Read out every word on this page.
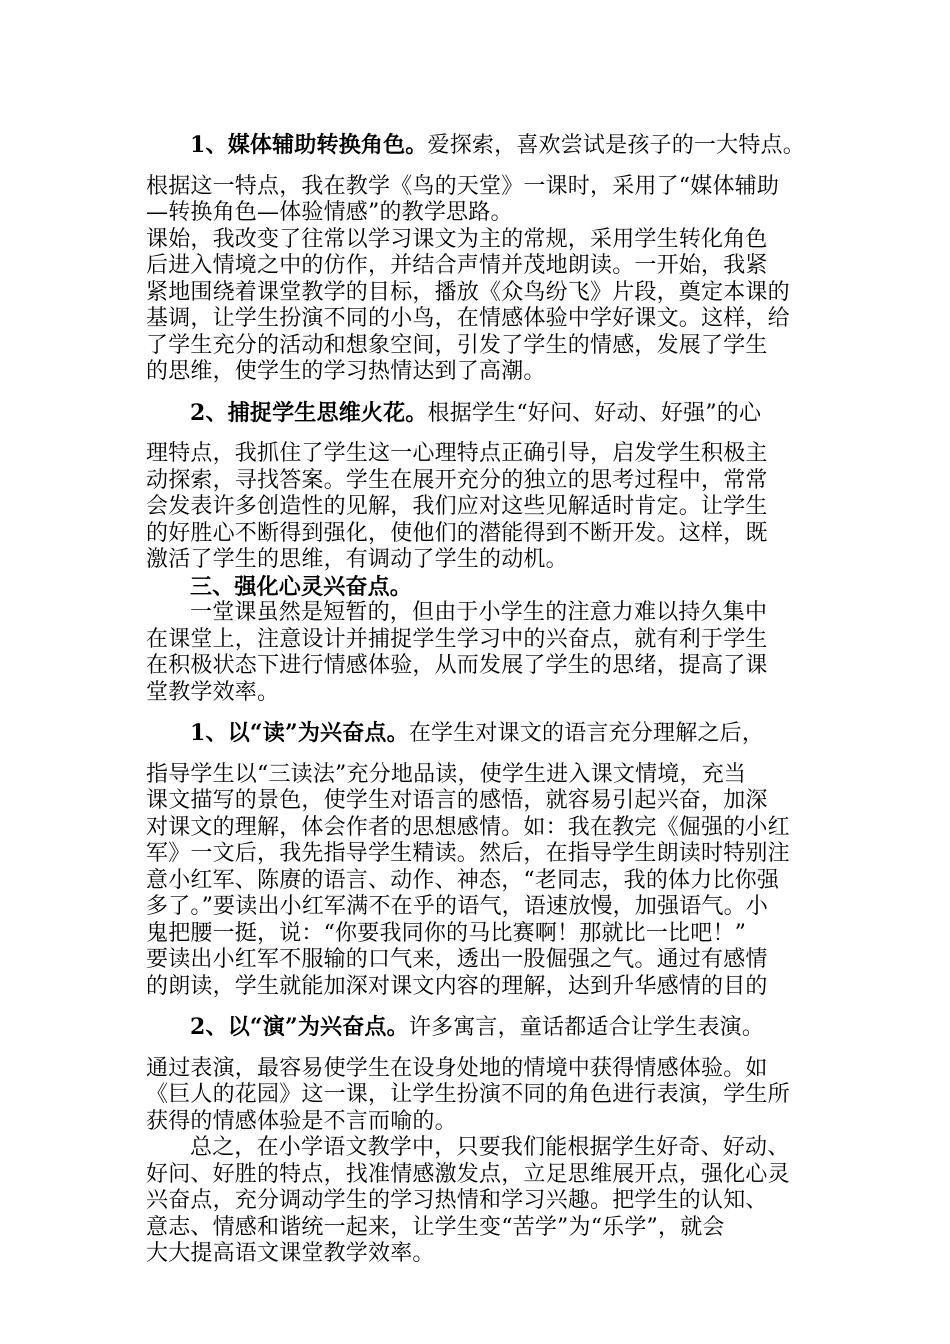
1、媒体辅助转换角色。爱探索，喜欢尝试是孩子的一大特点。

根据这一特点，我在教学《鸟的天堂》一课时，采用了“媒体辅助

—转换角色—体验情感”的教学思路。

课始，我改变了往常以学习课文为主的常规，采用学生转化角色

后进入情境之中的仿作，并结合声情并茂地朗读。一开始，我紧

紧地围绕着课堂教学的目标，播放《众鸟纷飞》片段，奠定本课的

基调，让学生扮演不同的小鸟，在情感体验中学好课文。这样，给

了学生充分的活动和想象空间，引发了学生的情感，发展了学生

的思维，使学生的学习热情达到了高潮。

2、捕捉学生思维火花。根据学生“好问、好动、好强”的心

理特点，我抓住了学生这一心理特点正确引导，启发学生积极主

动探索，寻找答案。学生在展开充分的独立的思考过程中，常常

会发表许多创造性的见解，我们应对这些见解适时肯定。让学生

的好胜心不断得到强化，使他们的潜能得到不断开发。这样，既

激活了学生的思维，有调动了学生的动机。

三、强化心灵兴奋点。

一堂课虽然是短暂的，但由于小学生的注意力难以持久集中

在课堂上，注意设计并捕捉学生学习中的兴奋点，就有利于学生

在积极状态下进行情感体验，从而发展了学生的思绪，提高了课

堂教学效率。

1、以“读”为兴奋点。在学生对课文的语言充分理解之后，

指导学生以“三读法”充分地品读，使学生进入课文情境，充当

课文描写的景色，使学生对语言的感悟，就容易引起兴奋，加深

对课文的理解，体会作者的思想感情。如：我在教完《倔强的小红

军》一文后，我先指导学生精读。然后，在指导学生朗读时特别注

意小红军、陈赓的语言、动作、神态，“老同志，我的体力比你强

多了。”要读出小红军满不在乎的语气，语速放慢，加强语气。小

鬼把腰一挺，说：“你要我同你的马比赛啊！那就比一比吧！”

要读出小红军不服输的口气来，透出一股倔强之气。通过有感情

的朗读，学生就能加深对课文内容的理解，达到升华感情的目的

2、以“演”为兴奋点。许多寓言，童话都适合让学生表演。

通过表演，最容易使学生在设身处地的情境中获得情感体验。如

《巨人的花园》这一课，让学生扮演不同的角色进行表演，学生所

获得的情感体验是不言而喻的。

总之，在小学语文教学中，只要我们能根据学生好奇、好动、

好问、好胜的特点，找准情感激发点，立足思维展开点，强化心灵

兴奋点，充分调动学生的学习热情和学习兴趣。把学生的认知、

意志、情感和谐统一起来，让学生变“苦学”为“乐学”，就会

大大提高语文课堂教学效率。
